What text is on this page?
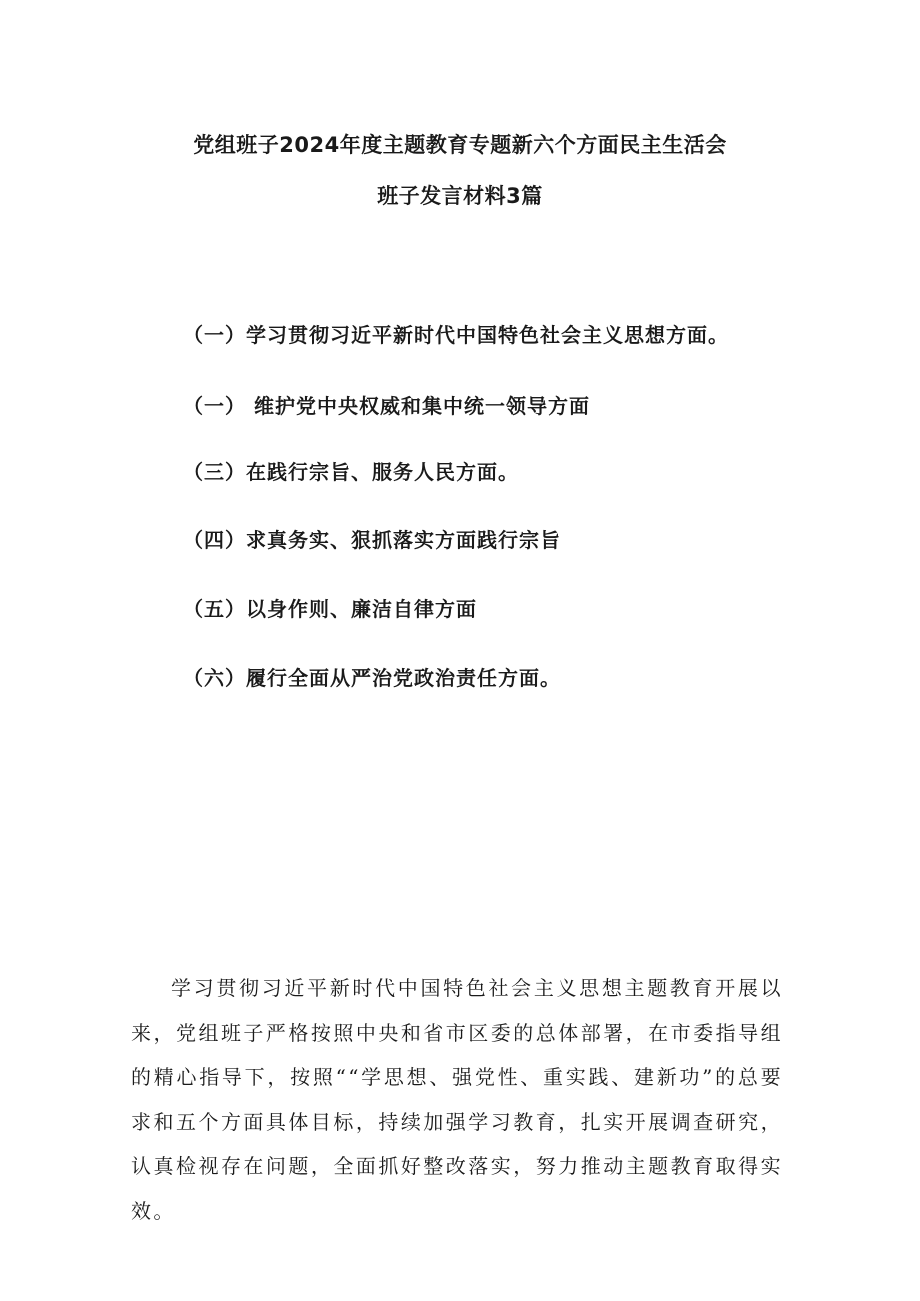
党组班子2024年度主题教育专题新六个方面民主生活会
班子发言材料3篇
（一）学习贯彻习近平新时代中国特色社会主义思想方面。
（一） 维护党中央权威和集中统一领导方面
（三）在践行宗旨、服务人民方面。
（四）求真务实、狠抓落实方面践行宗旨
（五）以身作则、廉洁自律方面
（六）履行全面从严治党政治责任方面。

学习贯彻习近平新时代中国特色社会主义思想主题教育开展以来，党组班子严格按照中央和省市区委的总体部署，在市委指导组的精心指导下，按照““学思想、强党性、重实践、建新功”的总要求和五个方面具体目标，持续加强学习教育，扎实开展调查研究，认真检视存在问题，全面抓好整改落实，努力推动主题教育取得实效。
